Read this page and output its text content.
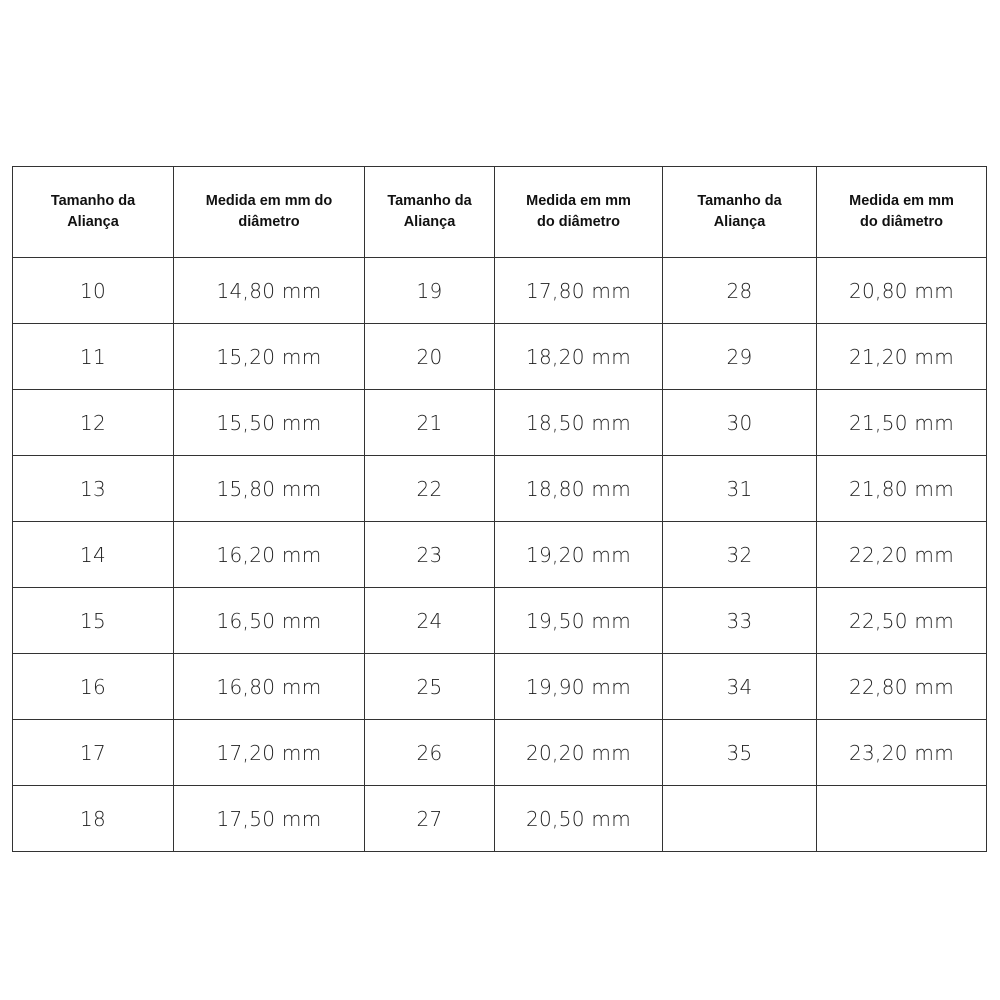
Tamanho da Aliança	Medida em mm do diâmetro	Tamanho da Aliança	Medida em mm do diâmetro	Tamanho da Aliança	Medida em mm do diâmetro
10	14,80 mm	19	17,80 mm	28	20,80 mm
11	15,20 mm	20	18,20 mm	29	21,20 mm
12	15,50 mm	21	18,50 mm	30	21,50 mm
13	15,80 mm	22	18,80 mm	31	21,80 mm
14	16,20 mm	23	19,20 mm	32	22,20 mm
15	16,50 mm	24	19,50 mm	33	22,50 mm
16	16,80 mm	25	19,90 mm	34	22,80 mm
17	17,20 mm	26	20,20 mm	35	23,20 mm
18	17,50 mm	27	20,50 mm		
